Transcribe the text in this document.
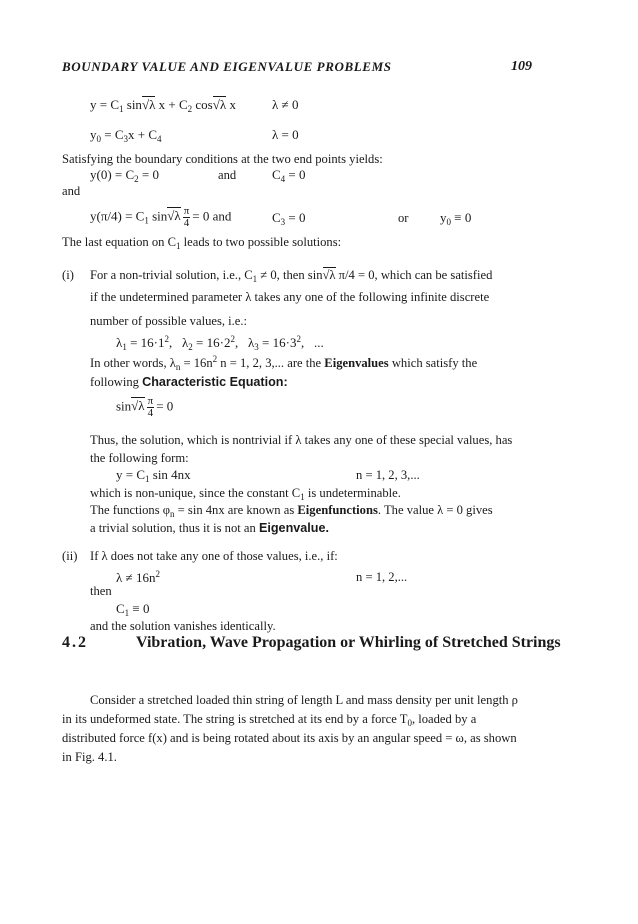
BOUNDARY VALUE AND EIGENVALUE PROBLEMS	109
$y = C_1$ sin√λ $x + C_2$ cos√λ x	λ ≠ 0
$y_0 = C_3x + C_4$	λ = 0
Satisfying the boundary conditions at the two end points yields:
$y(0) = C_2 = 0$	and	$C_4 = 0$
and
$y(\pi/4) = C_1$ $\sin√\lambda \frac{\pi}{4} = 0$ and	$C_3 = 0$	or $y_0 \equiv 0$
The last equation on $C_1$ leads to two possible solutions:
(i) For a non-trivial solution, i.e., $C_1 \ne 0$, then sin√λ π/4 = 0, which can be satisfied
if the undetermined parameter λ takes any one of the following infinite discrete
number of possible values, i.e.:
$\lambda_1 = 16\cdot 1^2$,   $\lambda_2 = 16\cdot 2^2$,   $\lambda_3 = 16\cdot 3^2$,   ...
In other words, $\lambda_n = 16n^2$ n = 1, 2, 3,... are the Eigenvalues which satisfy the
following Characteristic Equation:
$\sin√\lambda \frac{\pi}{4} = 0$
Thus, the solution, which is nontrivial if λ takes any one of these special values, has
the following form:
$y = C_1$ sin 4nx	n = 1, 2, 3,...
which is non-unique, since the constant $C_1$ is undeterminable.
The functions $\varphi_n = \sin 4nx$ are known as Eigenfunctions. The value λ = 0 gives
a trivial solution, thus it is not an Eigenvalue.
(ii) If λ does not take any one of those values, i.e., if:
$\lambda \ne 16n^2$	n = 1, 2,...
then
$C_1 \equiv 0$
and the solution vanishes identically.
4.2	Vibration, Wave Propagation or Whirling of Stretched Strings
Consider a stretched loaded thin string of length L and mass density per unit length ρ
in its undeformed state. The string is stretched at its end by a force $T_0$, loaded by a
distributed force f(x) and is being rotated about its axis by an angular speed = ω, as shown
in Fig. 4.1.
